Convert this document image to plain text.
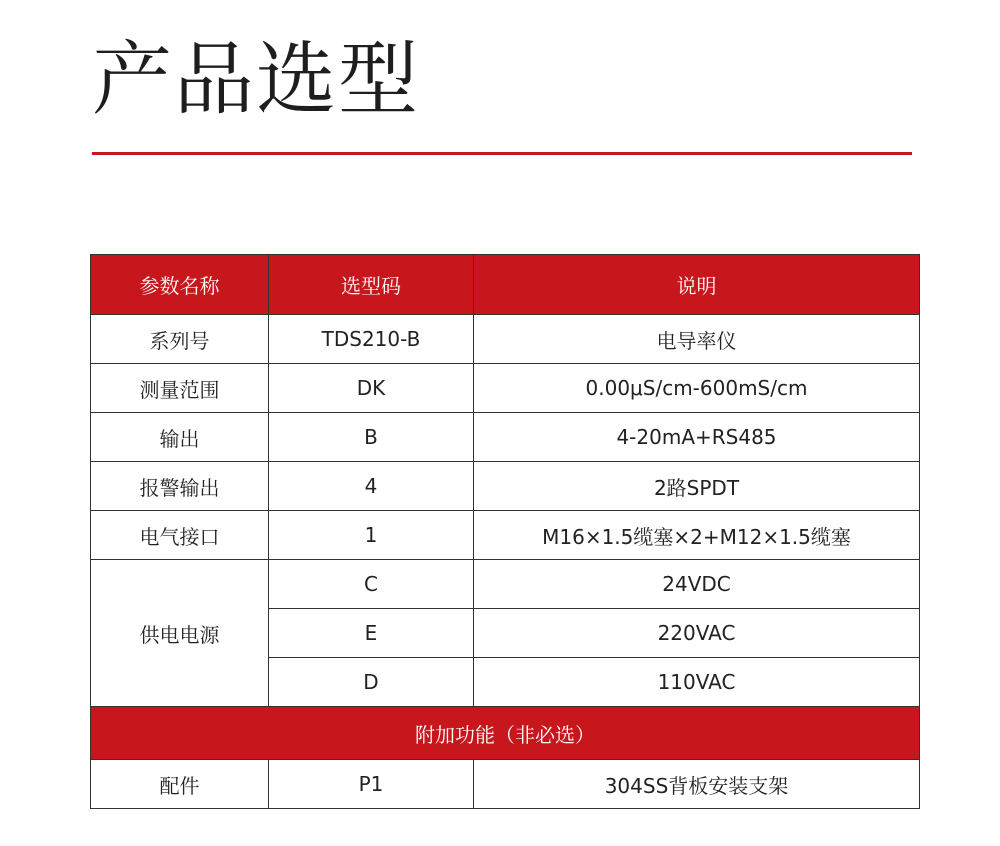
产品选型
参数名称	选型码	说明
系列号	TDS210-B	电导率仪
测量范围	DK	0.00μS/cm-600mS/cm
输出	B	4-20mA+RS485
报警输出	4	2路SPDT
电气接口	1	M16×1.5缆塞×2+M12×1.5缆塞
供电电源	C	24VDC
	E	220VAC
	D	110VAC
附加功能（非必选）		
配件	P1	304SS背板安装支架
